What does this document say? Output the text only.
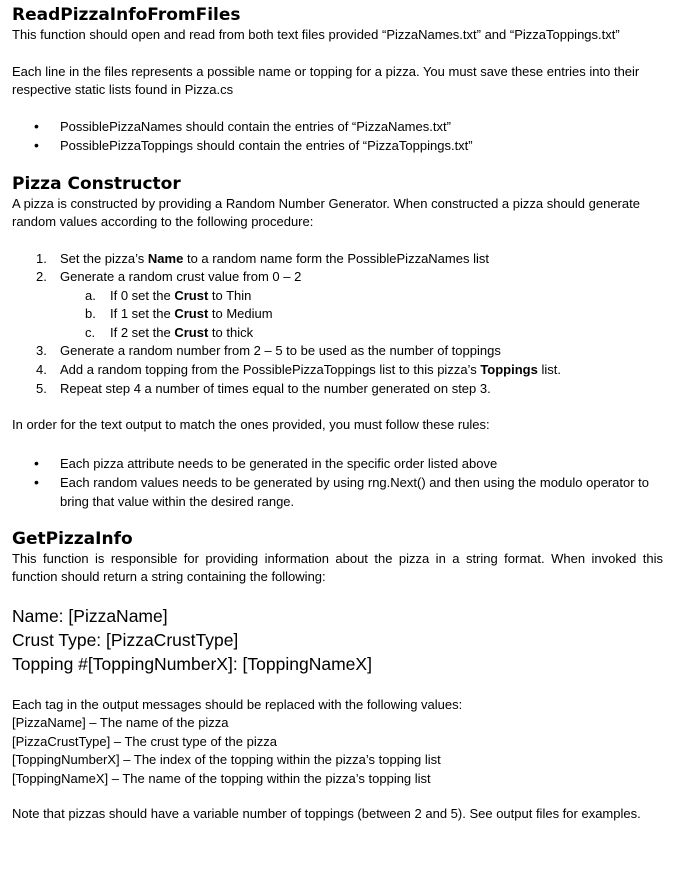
ReadPizzaInfoFromFiles

This function should open and read from both text files provided “PizzaNames.txt” and “PizzaToppings.txt”

Each line in the files represents a possible name or topping for a pizza. You must save these entries into their respective static lists found in Pizza.cs

• PossiblePizzaNames should contain the entries of “PizzaNames.txt”
• PossiblePizzaToppings should contain the entries of “PizzaToppings.txt”
Pizza Constructor

A pizza is constructed by providing a Random Number Generator. When constructed a pizza should generate random values according to the following procedure:

1. Set the pizza’s Name to a random name form the PossiblePizzaNames list
2. Generate a random crust value from 0 – 2
a. If 0 set the Crust to Thin
b. If 1 set the Crust to Medium
c. If 2 set the Crust to thick
3. Generate a random number from 2 – 5 to be used as the number of toppings
4. Add a random topping from the PossiblePizzaToppings list to this pizza’s Toppings list.
5. Repeat step 4 a number of times equal to the number generated on step 3.

In order for the text output to match the ones provided, you must follow these rules:

• Each pizza attribute needs to be generated in the specific order listed above
• Each random values needs to be generated by using rng.Next() and then using the modulo operator to bring that value within the desired range.
GetPizzaInfo

This function is responsible for providing information about the pizza in a string format. When invoked this function should return a string containing the following:

Name: [PizzaName]
Crust Type: [PizzaCrustType]
Topping #[ToppingNumberX]: [ToppingNameX]

Each tag in the output messages should be replaced with the following values:

[PizzaName] – The name of the pizza
[PizzaCrustType] – The crust type of the pizza
[ToppingNumberX] – The index of the topping within the pizza’s topping list
[ToppingNameX] – The name of the topping within the pizza’s topping list

Note that pizzas should have a variable number of toppings (between 2 and 5). See output files for examples.
